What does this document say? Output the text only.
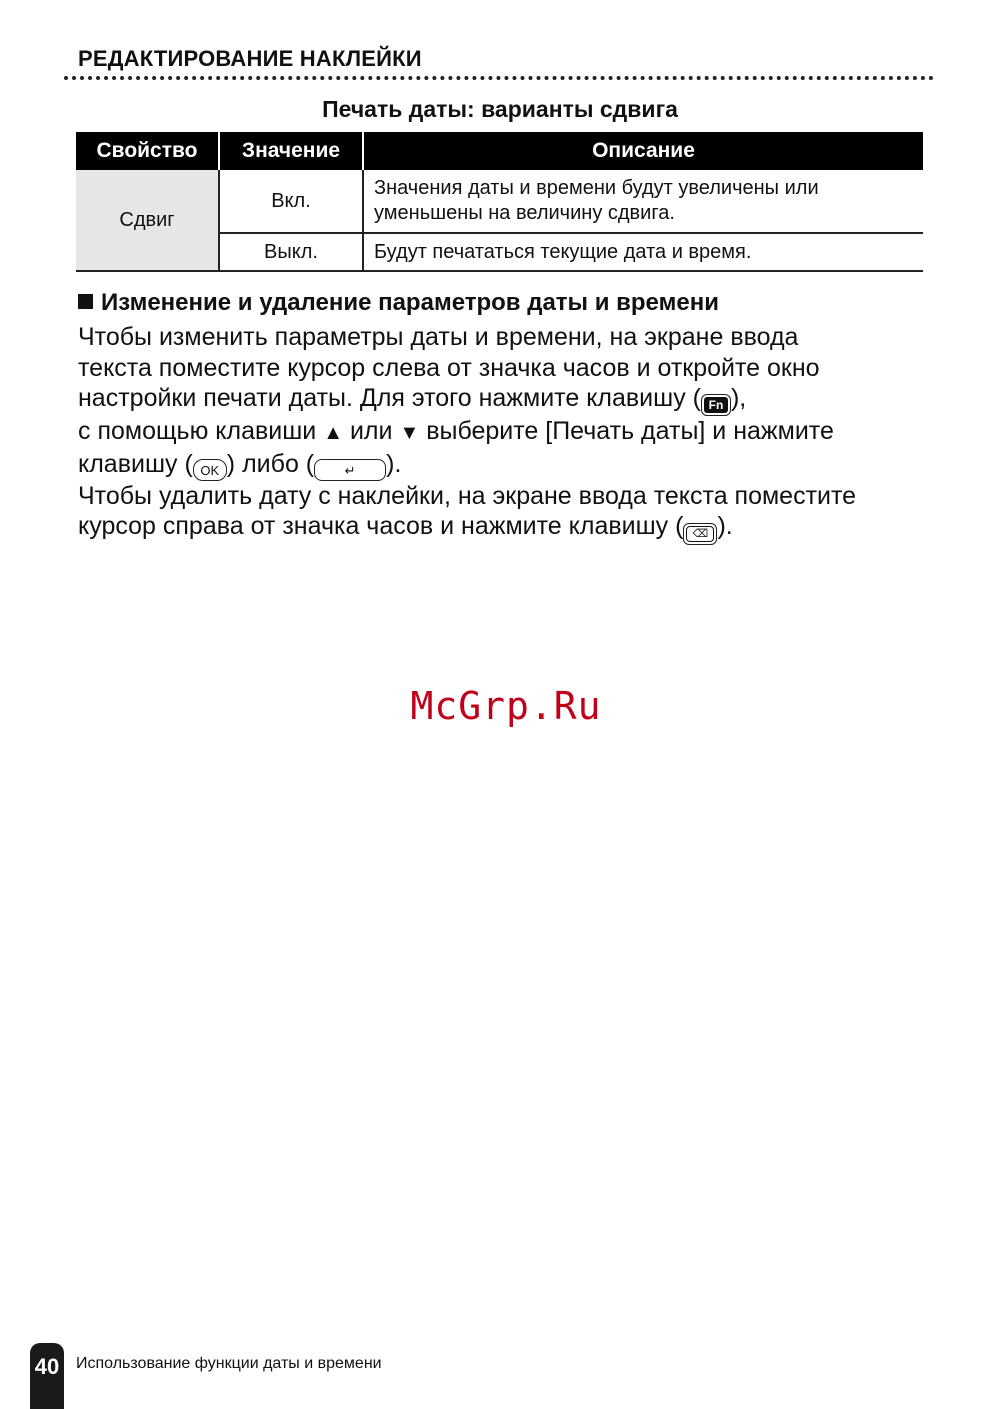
РЕДАКТИРОВАНИЕ НАКЛЕЙКИ
Печать даты: варианты сдвига
Свойство	Значение	Описание
Сдвиг	Вкл.	Значения даты и времени будут увеличены или
уменьшены на величину сдвига.
	Выкл.	Будут печататься текущие дата и время.
Изменение и удаление параметров даты и времени
Чтобы изменить параметры даты и времени, на экране ввода
текста поместите курсор слева от значка часов и откройте окно
настройки печати даты. Для этого нажмите клавишу ( Fn ),
с помощью клавиши ▲ или ▼ выберите [Печать даты] и нажмите
клавишу ( OK ) либо ( ↵ ).
Чтобы удалить дату с наклейки, на экране ввода текста поместите
курсор справа от значка часов и нажмите клавишу ( ⌫ ).
McGrp.Ru
40 Использование функции даты и времени
